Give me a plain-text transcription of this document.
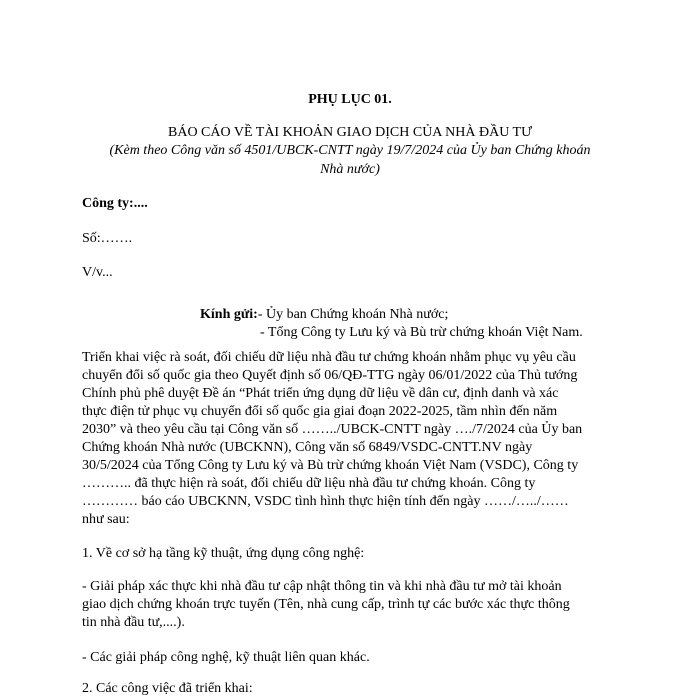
PHỤ LỤC 01.
BÁO CÁO VỀ TÀI KHOẢN GIAO DỊCH CỦA NHÀ ĐẦU TƯ
(Kèm theo Công văn số 4501/UBCK-CNTT ngày 19/7/2024 của Ủy ban Chứng khoán
Nhà nước)
Công ty:....
Số:…….
V/v...
Kính gửi:- Ủy ban Chứng khoán Nhà nước;
- Tổng Công ty Lưu ký và Bù trừ chứng khoán Việt Nam.
Triển khai việc rà soát, đối chiếu dữ liệu nhà đầu tư chứng khoán nhằm phục vụ yêu cầu
chuyển đổi số quốc gia theo Quyết định số 06/QĐ-TTG ngày 06/01/2022 của Thủ tướng
Chính phủ phê duyệt Đề án “Phát triển ứng dụng dữ liệu về dân cư, định danh và xác
thực điện tử phục vụ chuyển đổi số quốc gia giai đoạn 2022-2025, tầm nhìn đến năm
2030” và theo yêu cầu tại Công văn số ……../UBCK-CNTT ngày …./7/2024 của Ủy ban
Chứng khoán Nhà nước (UBCKNN), Công văn số 6849/VSDC-CNTT.NV ngày
30/5/2024 của Tổng Công ty Lưu ký và Bù trừ chứng khoán Việt Nam (VSDC), Công ty
……….. đã thực hiện rà soát, đối chiếu dữ liệu nhà đầu tư chứng khoán. Công ty
………… báo cáo UBCKNN, VSDC tình hình thực hiện tính đến ngày ……/…../……
như sau:
1. Về cơ sở hạ tầng kỹ thuật, ứng dụng công nghệ:
- Giải pháp xác thực khi nhà đầu tư cập nhật thông tin và khi nhà đầu tư mở tài khoản
giao dịch chứng khoán trực tuyến (Tên, nhà cung cấp, trình tự các bước xác thực thông
tin nhà đầu tư,....).
- Các giải pháp công nghệ, kỹ thuật liên quan khác.
2. Các công việc đã triển khai:
